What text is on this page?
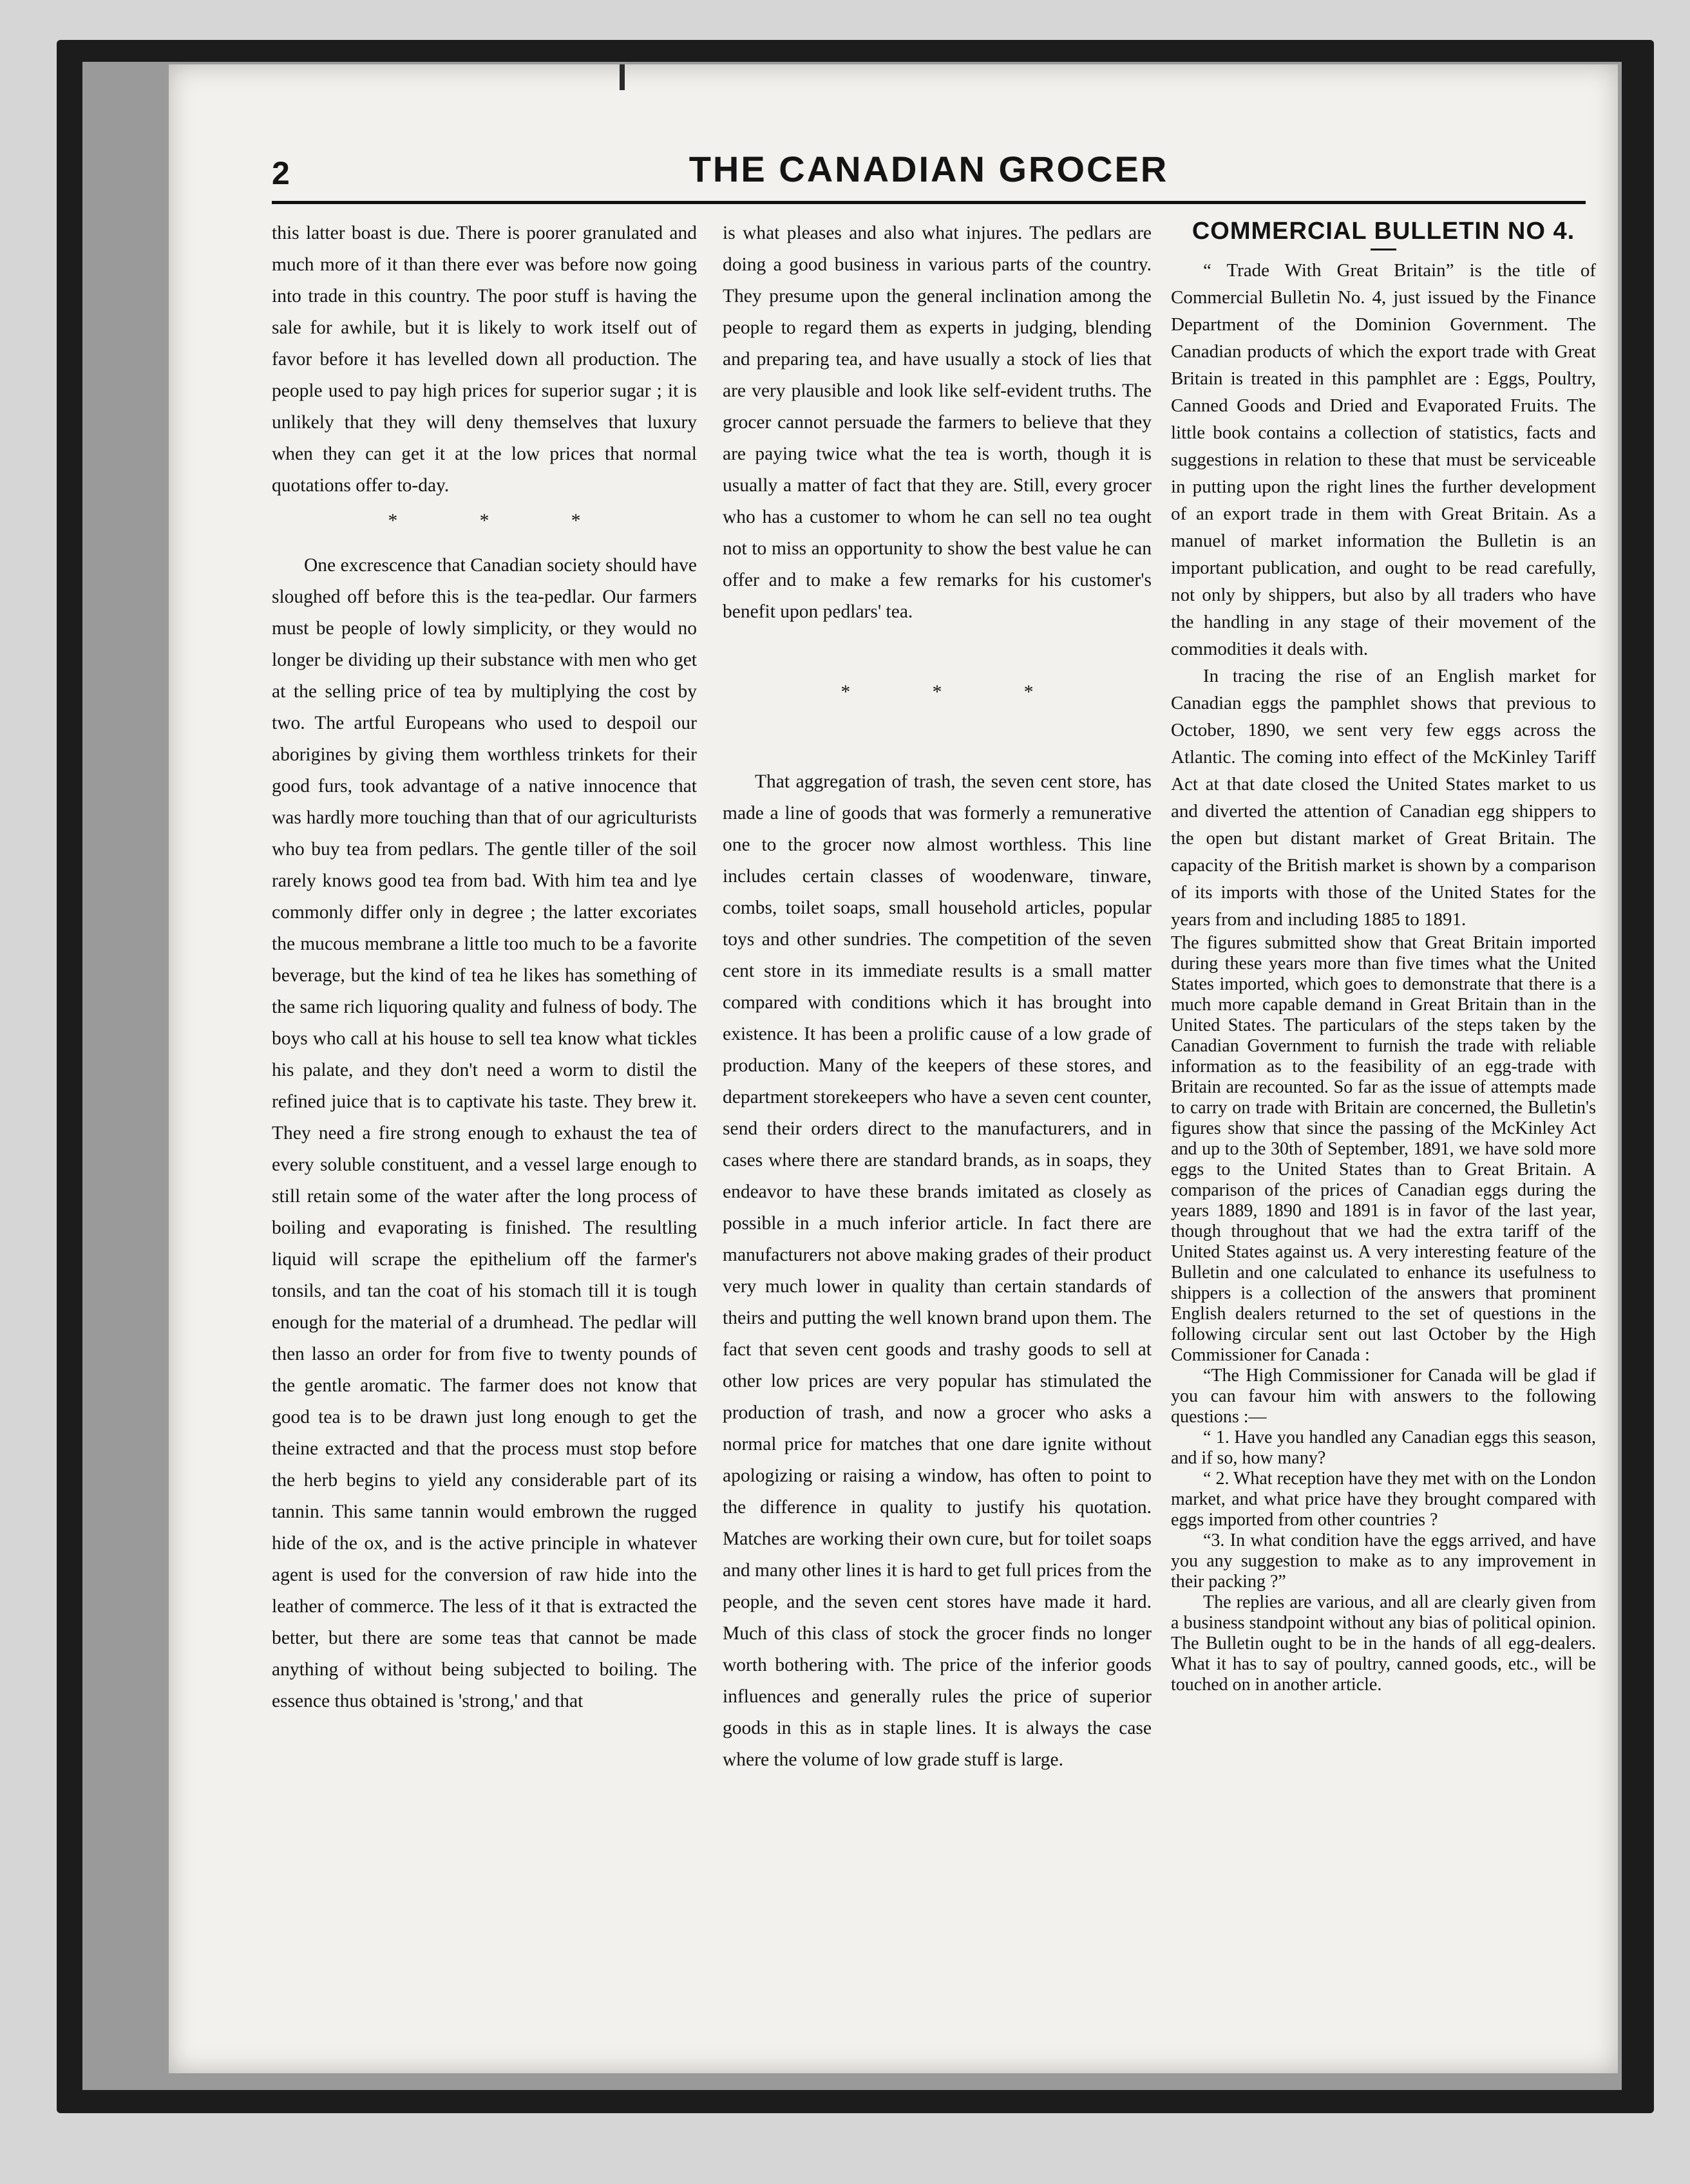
2	THE CANADIAN GROCER

this latter boast is due. There is poorer granulated and much more of it than there ever was before now going into trade in this country. The poor stuff is having the sale for awhile, but it is likely to work itself out of favor before it has levelled down all production. The people used to pay high prices for superior sugar ; it is unlikely that they will deny themselves that luxury when they can get it at the low prices that normal quotations offer to-day.

* * *

One excrescence that Canadian society should have sloughed off before this is the tea-pedlar. Our farmers must be people of lowly simplicity, or they would no longer be dividing up their substance with men who get at the selling price of tea by multiplying the cost by two. The artful Europeans who used to despoil our aborigines by giving them worthless trinkets for their good furs, took advantage of a native innocence that was hardly more touching than that of our agriculturists who buy tea from pedlars. The gentle tiller of the soil rarely knows good tea from bad. With him tea and lye commonly differ only in degree ; the latter excoriates the mucous membrane a little too much to be a favorite beverage, but the kind of tea he likes has something of the same rich liquoring quality and fulness of body. The boys who call at his house to sell tea know what tickles his palate, and they don't need a worm to distil the refined juice that is to captivate his taste. They brew it. They need a fire strong enough to exhaust the tea of every soluble constituent, and a vessel large enough to still retain some of the water after the long process of boiling and evaporating is finished. The resultling liquid will scrape the epithelium off the farmer's tonsils, and tan the coat of his stomach till it is tough enough for the material of a drumhead. The pedlar will then lasso an order for from five to twenty pounds of the gentle aromatic. The farmer does not know that good tea is to be drawn just long enough to get the theine extracted and that the process must stop before the herb begins to yield any considerable part of its tannin. This same tannin would embrown the rugged hide of the ox, and is the active principle in whatever agent is used for the conversion of raw hide into the leather of commerce. The less of it that is extracted the better, but there are some teas that cannot be made anything of without being subjected to boiling. The essence thus obtained is 'strong,' and that

is what pleases and also what injures. The pedlars are doing a good business in various parts of the country. They presume upon the general inclination among the people to regard them as experts in judging, blending and preparing tea, and have usually a stock of lies that are very plausible and look like self-evident truths. The grocer cannot persuade the farmers to believe that they are paying twice what the tea is worth, though it is usually a matter of fact that they are. Still, every grocer who has a customer to whom he can sell no tea ought not to miss an opportunity to show the best value he can offer and to make a few remarks for his customer's benefit upon pedlars' tea.

* * *

That aggregation of trash, the seven cent store, has made a line of goods that was formerly a remunerative one to the grocer now almost worthless. This line includes certain classes of woodenware, tinware, combs, toilet soaps, small household articles, popular toys and other sundries. The competition of the seven cent store in its immediate results is a small matter compared with conditions which it has brought into existence. It has been a prolific cause of a low grade of production. Many of the keepers of these stores, and department storekeepers who have a seven cent counter, send their orders direct to the manufacturers, and in cases where there are standard brands, as in soaps, they endeavor to have these brands imitated as closely as possible in a much inferior article. In fact there are manufacturers not above making grades of their product very much lower in quality than certain standards of theirs and putting the well known brand upon them. The fact that seven cent goods and trashy goods to sell at other low prices are very popular has stimulated the production of trash, and now a grocer who asks a normal price for matches that one dare ignite without apologizing or raising a window, has often to point to the difference in quality to justify his quotation. Matches are working their own cure, but for toilet soaps and many other lines it is hard to get full prices from the people, and the seven cent stores have made it hard. Much of this class of stock the grocer finds no longer worth bothering with. The price of the inferior goods influences and generally rules the price of superior goods in this as in staple lines. It is always the case where the volume of low grade stuff is large.

COMMERCIAL BULLETIN NO 4.

“ Trade With Great Britain” is the title of Commercial Bulletin No. 4, just issued by the Finance Department of the Dominion Government. The Canadian products of which the export trade with Great Britain is treated in this pamphlet are : Eggs, Poultry, Canned Goods and Dried and Evaporated Fruits. The little book contains a collection of statistics, facts and suggestions in relation to these that must be serviceable in putting upon the right lines the further development of an export trade in them with Great Britain. As a manuel of market information the Bulletin is an important publication, and ought to be read carefully, not only by shippers, but also by all traders who have the handling in any stage of their movement of the commodities it deals with.

In tracing the rise of an English market for Canadian eggs the pamphlet shows that previous to October, 1890, we sent very few eggs across the Atlantic. The coming into effect of the McKinley Tariff Act at that date closed the United States market to us and diverted the attention of Canadian egg shippers to the open but distant market of Great Britain. The capacity of the British market is shown by a comparison of its imports with those of the United States for the years from and including 1885 to 1891.

The figures submitted show that Great Britain imported during these years more than five times what the United States imported, which goes to demonstrate that there is a much more capable demand in Great Britain than in the United States. The particulars of the steps taken by the Canadian Government to furnish the trade with reliable information as to the feasibility of an egg-trade with Britain are recounted. So far as the issue of attempts made to carry on trade with Britain are concerned, the Bulletin's figures show that since the passing of the McKinley Act and up to the 30th of September, 1891, we have sold more eggs to the United States than to Great Britain. A comparison of the prices of Canadian eggs during the years 1889, 1890 and 1891 is in favor of the last year, though throughout that we had the extra tariff of the United States against us. A very interesting feature of the Bulletin and one calculated to enhance its usefulness to shippers is a collection of the answers that prominent English dealers returned to the set of questions in the following circular sent out last October by the High Commissioner for Canada :

“The High Commissioner for Canada will be glad if you can favour him with answers to the following questions :—

“ 1. Have you handled any Canadian eggs this season, and if so, how many?

“ 2. What reception have they met with on the London market, and what price have they brought compared with eggs imported from other countries ?

“3. In what condition have the eggs arrived, and have you any suggestion to make as to any improvement in their packing ?”

The replies are various, and all are clearly given from a business standpoint without any bias of political opinion. The Bulletin ought to be in the hands of all egg-dealers. What it has to say of poultry, canned goods, etc., will be touched on in another article.
